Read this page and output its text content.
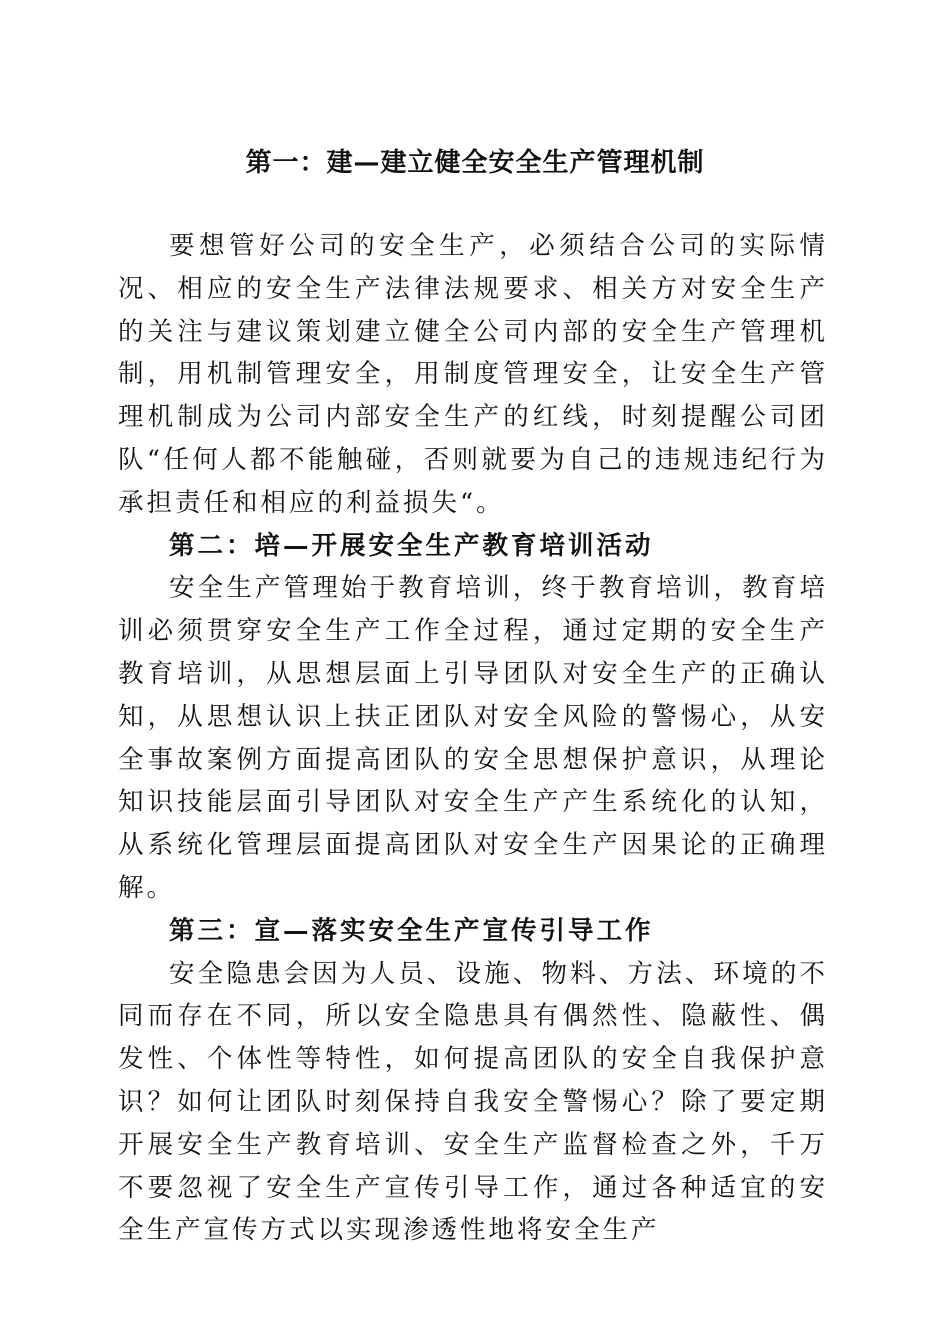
第一：建—建立健全安全生产管理机制

要想管好公司的安全生产，必须结合公司的实际情况、相应的安全生产法律法规要求、相关方对安全生产的关注与建议策划建立健全公司内部的安全生产管理机制，用机制管理安全，用制度管理安全，让安全生产管理机制成为公司内部安全生产的红线，时刻提醒公司团队“任何人都不能触碰，否则就要为自己的违规违纪行为承担责任和相应的利益损失“。

第二：培—开展安全生产教育培训活动

安全生产管理始于教育培训，终于教育培训，教育培训必须贯穿安全生产工作全过程，通过定期的安全生产教育培训，从思想层面上引导团队对安全生产的正确认知，从思想认识上扶正团队对安全风险的警惕心，从安全事故案例方面提高团队的安全思想保护意识，从理论知识技能层面引导团队对安全生产产生系统化的认知，从系统化管理层面提高团队对安全生产因果论的正确理解。

第三：宣—落实安全生产宣传引导工作

安全隐患会因为人员、设施、物料、方法、环境的不同而存在不同，所以安全隐患具有偶然性、隐蔽性、偶发性、个体性等特性，如何提高团队的安全自我保护意识？如何让团队时刻保持自我安全警惕心？除了要定期开展安全生产教育培训、安全生产监督检查之外，千万不要忽视了安全生产宣传引导工作，通过各种适宜的安全生产宣传方式以实现渗透性地将安全生产
